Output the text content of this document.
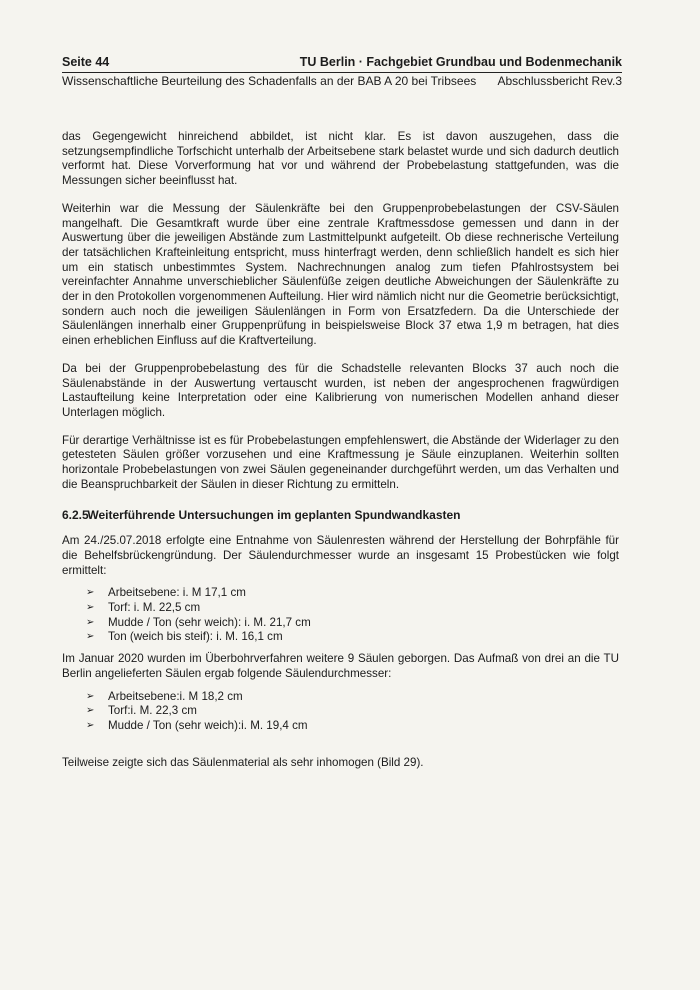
Seite 44	TU Berlin · Fachgebiet Grundbau und Bodenmechanik
Wissenschaftliche Beurteilung des Schadenfalls an der BAB A 20 bei Tribsees Abschlussbericht Rev.3

das Gegengewicht hinreichend abbildet, ist nicht klar. Es ist davon auszugehen, dass die setzungsempfindliche Torfschicht unterhalb der Arbeitsebene stark belastet wurde und sich dadurch deutlich verformt hat. Diese Vorverformung hat vor und während der Probebelastung stattgefunden, was die Messungen sicher beeinflusst hat.

Weiterhin war die Messung der Säulenkräfte bei den Gruppenprobebelastungen der CSV-Säulen mangelhaft. Die Gesamtkraft wurde über eine zentrale Kraftmessdose gemessen und dann in der Auswertung über die jeweiligen Abstände zum Lastmittelpunkt aufgeteilt. Ob diese rechnerische Verteilung der tatsächlichen Krafteinleitung entspricht, muss hinterfragt werden, denn schließlich handelt es sich hier um ein statisch unbestimmtes System. Nachrechnungen analog zum tiefen Pfahlrostsystem bei vereinfachter Annahme unverschieblicher Säulenfüße zeigen deutliche Abweichungen der Säulenkräfte zu der in den Protokollen vorgenommenen Aufteilung. Hier wird nämlich nicht nur die Geometrie berücksichtigt, sondern auch noch die jeweiligen Säulenlängen in Form von Ersatzfedern. Da die Unterschiede der Säulenlängen innerhalb einer Gruppenprüfung in beispielsweise Block 37 etwa 1,9 m betragen, hat dies einen erheblichen Einfluss auf die Kraftverteilung.

Da bei der Gruppenprobebelastung des für die Schadstelle relevanten Blocks 37 auch noch die Säulenabstände in der Auswertung vertauscht wurden, ist neben der angesprochenen fragwürdigen Lastaufteilung keine Interpretation oder eine Kalibrierung von numerischen Modellen anhand dieser Unterlagen möglich.

Für derartige Verhältnisse ist es für Probebelastungen empfehlenswert, die Abstände der Widerlager zu den getesteten Säulen größer vorzusehen und eine Kraftmessung je Säule einzuplanen. Weiterhin sollten horizontale Probebelastungen von zwei Säulen gegeneinander durchgeführt werden, um das Verhalten und die Beanspruchbarkeit der Säulen in dieser Richtung zu ermitteln.

6.2.5 Weiterführende Untersuchungen im geplanten Spundwandkasten

Am 24./25.07.2018 erfolgte eine Entnahme von Säulenresten während der Herstellung der Bohrpfähle für die Behelfsbrückengründung. Der Säulendurchmesser wurde an insgesamt 15 Probestücken wie folgt ermittelt:

➢ Arbeitsebene: i. M 17,1 cm
➢ Torf: i. M. 22,5 cm
➢ Mudde / Ton (sehr weich): i. M. 21,7 cm
➢ Ton (weich bis steif): i. M. 16,1 cm

Im Januar 2020 wurden im Überbohrverfahren weitere 9 Säulen geborgen. Das Aufmaß von drei an die TU Berlin angelieferten Säulen ergab folgende Säulendurchmesser:

➢ Arbeitsebene:i. M 18,2 cm
➢ Torf:i. M. 22,3 cm
➢ Mudde / Ton (sehr weich):i. M. 19,4 cm

Teilweise zeigte sich das Säulenmaterial als sehr inhomogen (Bild 29).
